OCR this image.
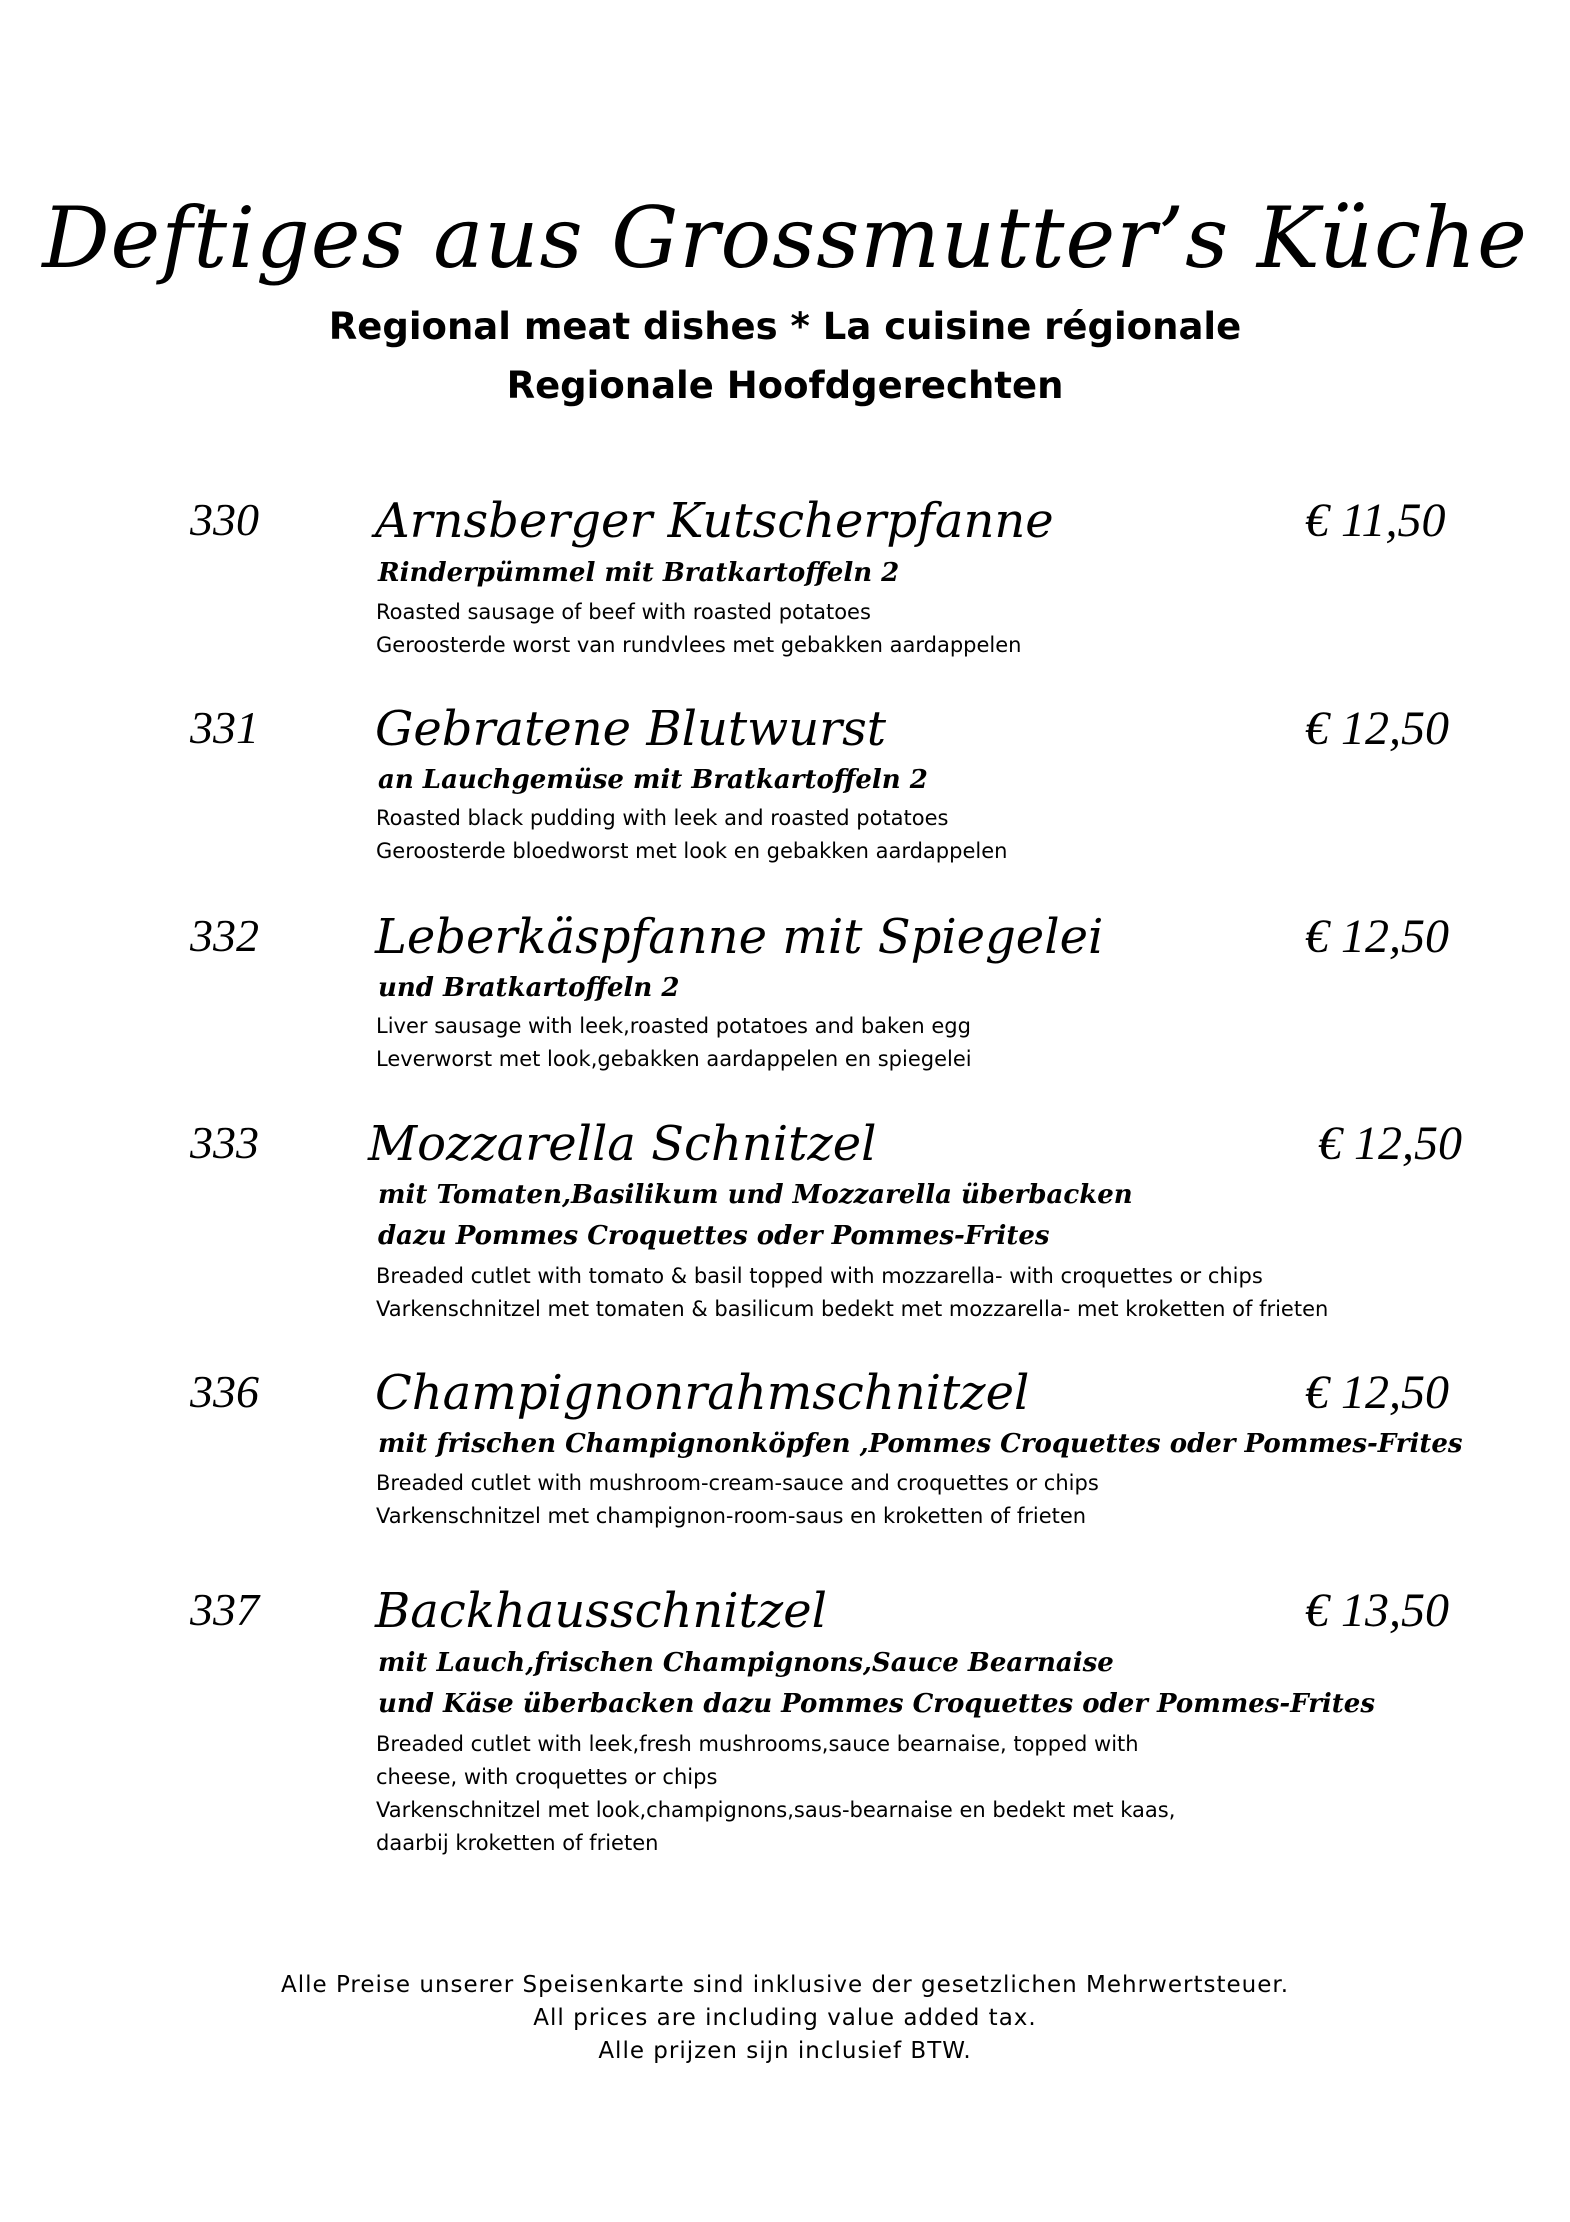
Deftiges aus Grossmutter’s Küche
Regional meat dishes * La cuisine régionale
Regionale Hoofdgerechten
330 Arnsberger Kutscherpfanne	€ 11,50
Rinderpümmel mit Bratkartoffeln 2
Roasted sausage of beef with roasted potatoes
Geroosterde worst van rundvlees met gebakken aardappelen
331 Gebratene Blutwurst	€ 12,50
an Lauchgemüse mit Bratkartoffeln 2
Roasted black pudding with leek and roasted potatoes
Geroosterde bloedworst met look en gebakken aardappelen
332 Leberkäspfanne mit Spiegelei	€ 12,50
und Bratkartoffeln 2
Liver sausage with leek,roasted potatoes and baken egg
Leverworst met look,gebakken aardappelen en spiegelei
333 Mozzarella Schnitzel	€ 12,50
mit Tomaten,Basilikum und Mozzarella überbacken
dazu Pommes Croquettes oder Pommes-Frites
Breaded cutlet with tomato & basil topped with mozzarella- with croquettes or chips
Varkenschnitzel met tomaten & basilicum bedekt met mozzarella- met kroketten of frieten
336 Champignonrahmschnitzel	€ 12,50
mit frischen Champignonköpfen ,Pommes Croquettes oder Pommes-Frites
Breaded cutlet with mushroom-cream-sauce and croquettes or chips
Varkenschnitzel met champignon-room-saus en kroketten of frieten
337 Backhausschnitzel	€ 13,50
mit Lauch,frischen Champignons,Sauce Bearnaise
und Käse überbacken dazu Pommes Croquettes oder Pommes-Frites
Breaded cutlet with leek,fresh mushrooms,sauce bearnaise, topped with
cheese, with croquettes or chips
Varkenschnitzel met look,champignons,saus-bearnaise en bedekt met kaas,
daarbij kroketten of frieten
Alle Preise unserer Speisenkarte sind inklusive der gesetzlichen Mehrwertsteuer.
All prices are including value added tax.
Alle prijzen sijn inclusief BTW.
